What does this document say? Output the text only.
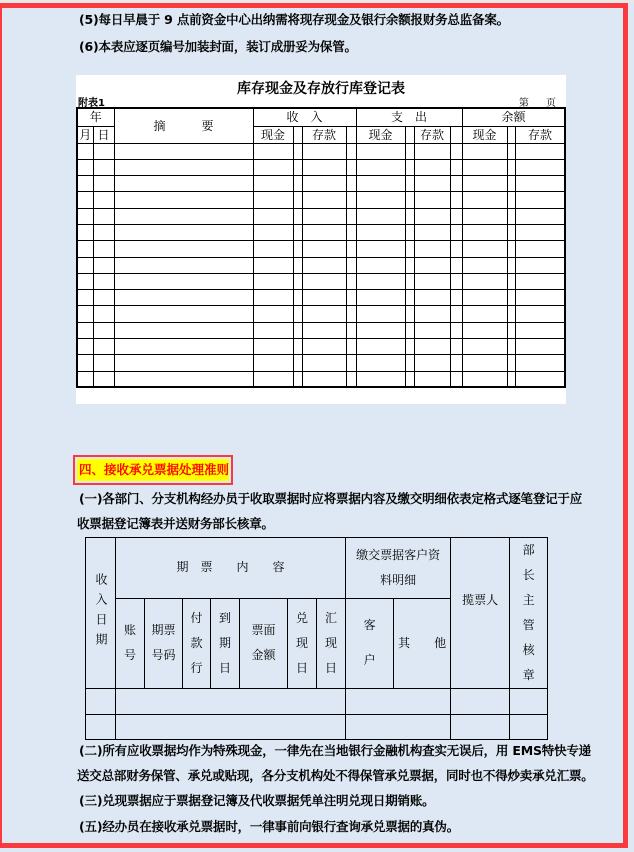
(5)每日早晨于 9 点前资金中心出纳需将现存现金及银行余额报财务总监备案。
(6)本表应逐页编号加装封面，装订成册妥为保管。
库存现金及存放行库登记表
附表1	第 页
年		摘　　　要	收　入				支　出				余额			
月	日		现金		存款		现金		存款		现金		存款	

四、接收承兑票据处理准则
(一)各部门、分支机构经办员于收取票据时应将票据内容及缴交明细依表定格式逐笔登记于应
收票据登记簿表并送财务部长核章。
收入日期	期　票　　内　　容							缴交票据客户资料明细		揽票人	部长主管核章
	账号	期票号码	付款行	到期日	票面金额	兑现日	汇现日	客户	其　　他		

(二)所有应收票据均作为特殊现金，一律先在当地银行金融机构查实无误后，用 EMS特快专递
送交总部财务保管、承兑或贴现，各分支机构处不得保管承兑票据，同时也不得炒卖承兑汇票。
(三)兑现票据应于票据登记簿及代收票据凭单注明兑现日期销账。
(五)经办员在接收承兑票据时，一律事前向银行查询承兑票据的真伪。
